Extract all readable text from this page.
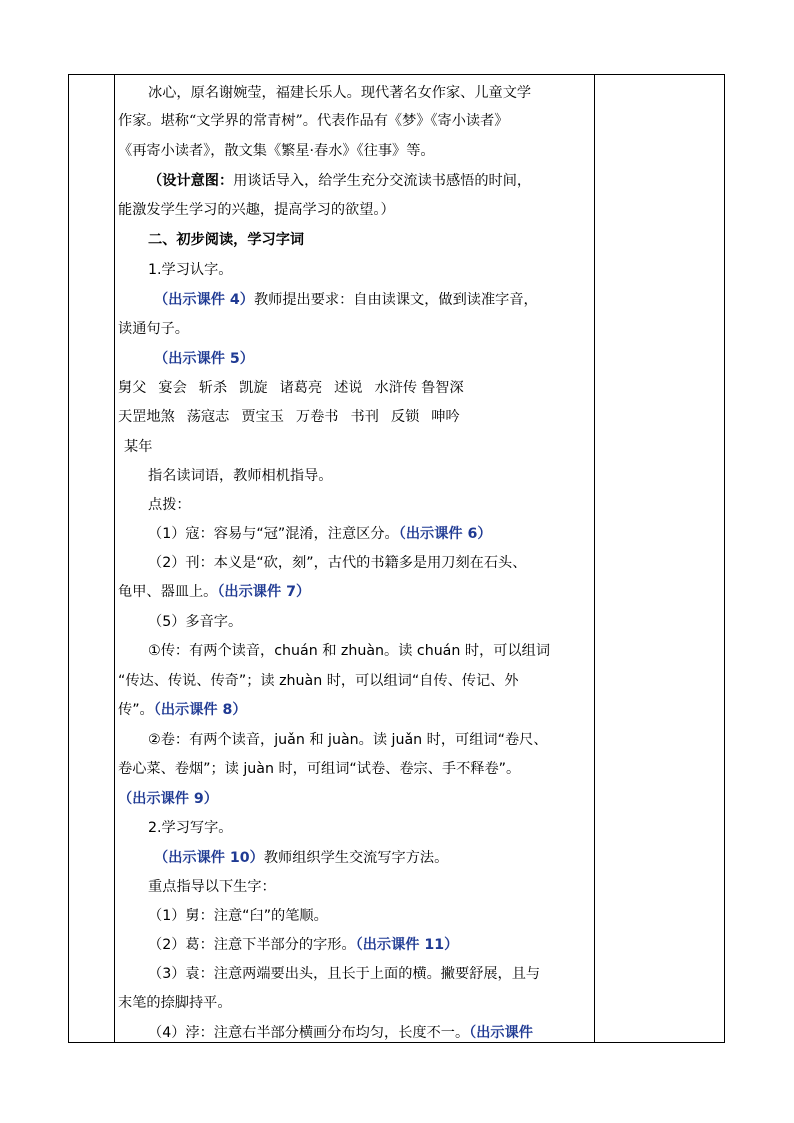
冰心，原名谢婉莹，福建长乐人。现代著名女作家、儿童文学
作家。堪称“文学界的常青树”。代表作品有《梦》《寄小读者》
《再寄小读者》，散文集《繁星·春水》《往事》等。
（设计意图：用谈话导入，给学生充分交流读书感悟的时间，
能激发学生学习的兴趣，提高学习的欲望。）
二、初步阅读，学习字词
1.学习认字。
（出示课件 4）教师提出要求：自由读课文，做到读准字音，
读通句子。
（出示课件 5）
舅父 宴会 斩杀 凯旋 诸葛亮 述说 水浒传 鲁智深
天罡地煞 荡寇志 贾宝玉 万卷书 书刊 反锁 呻吟
某年
指名读词语，教师相机指导。
点拨：
（1）寇：容易与“冠”混淆，注意区分。（出示课件 6）
（2）刊：本义是“砍，刻”，古代的书籍多是用刀刻在石头、
龟甲、器皿上。（出示课件 7）
（5）多音字。
①传：有两个读音，chuán 和 zhuàn。读 chuán 时，可以组词
“传达、传说、传奇”；读 zhuàn 时，可以组词“自传、传记、外
传”。（出示课件 8）
②卷：有两个读音，juǎn 和 juàn。读 juǎn 时，可组词“卷尺、
卷心菜、卷烟”；读 juàn 时，可组词“试卷、卷宗、手不释卷”。
（出示课件 9）
2.学习写字。
（出示课件 10）教师组织学生交流写字方法。
重点指导以下生字：
（1）舅：注意“臼”的笔顺。
（2）葛：注意下半部分的字形。（出示课件 11）
（3）袁：注意两端要出头，且长于上面的横。撇要舒展，且与
末笔的捺脚持平。
（4）浡：注意右半部分横画分布均匀，长度不一。（出示课件
